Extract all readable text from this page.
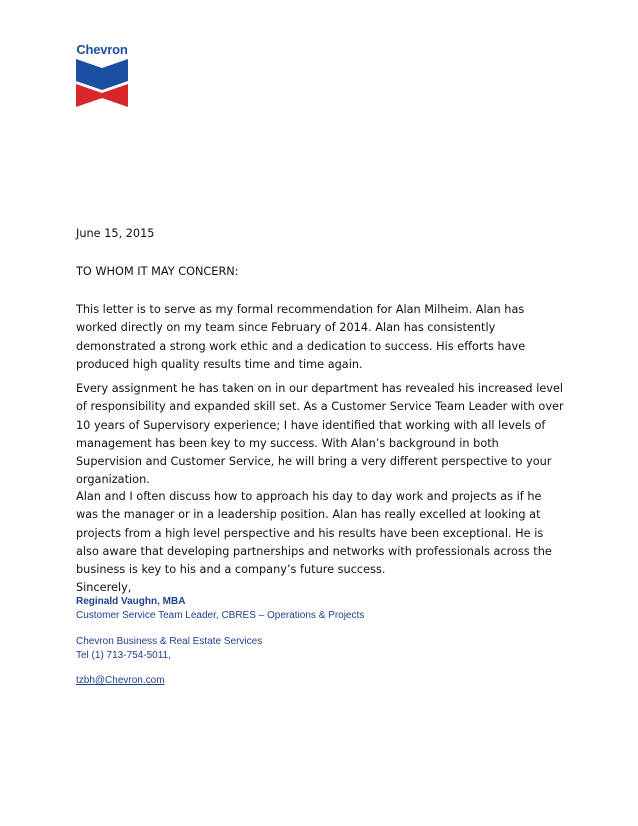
Chevron
June 15, 2015
TO WHOM IT MAY CONCERN:

This letter is to serve as my formal recommendation for Alan Milheim. Alan has worked directly on my team since February of 2014. Alan has consistently demonstrated a strong work ethic and a dedication to success. His efforts have produced high quality results time and time again.

Every assignment he has taken on in our department has revealed his increased level of responsibility and expanded skill set. As a Customer Service Team Leader with over 10 years of Supervisory experience; I have identified that working with all levels of management has been key to my success. With Alan’s background in both Supervision and Customer Service, he will bring a very different perspective to your organization.

Alan and I often discuss how to approach his day to day work and projects as if he was the manager or in a leadership position. Alan has really excelled at looking at projects from a high level perspective and his results have been exceptional. He is also aware that developing partnerships and networks with professionals across the business is key to his and a company’s future success.

Sincerely,
Reginald Vaughn, MBA
Customer Service Team Leader, CBRES – Operations & Projects
Chevron Business & Real Estate Services
Tel (1) 713-754-5011,
tzbh@Chevron.com
